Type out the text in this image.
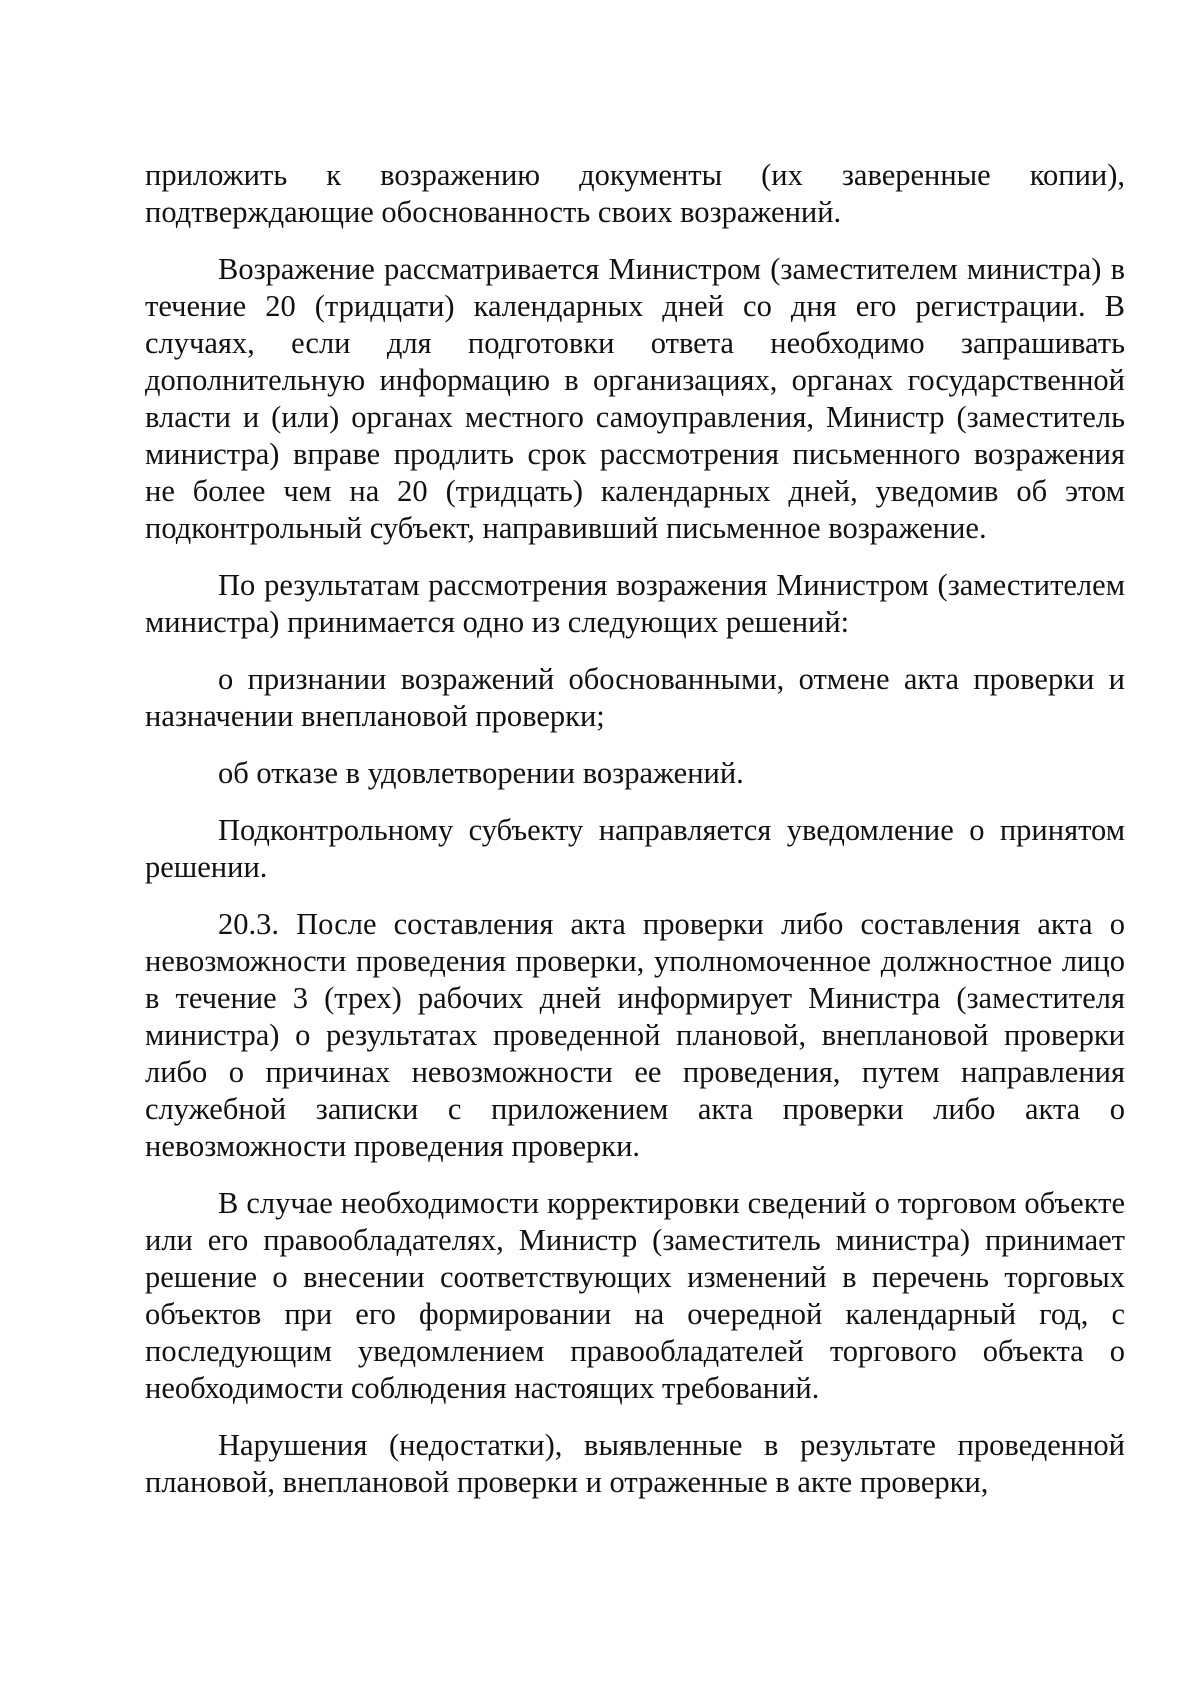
приложить к возражению документы (их заверенные копии), подтверждающие обоснованность своих возражений.

Возражение рассматривается Министром (заместителем министра) в течение 20 (тридцати) календарных дней со дня его регистрации. В случаях, если для подготовки ответа необходимо запрашивать дополнительную информацию в организациях, органах государственной власти и (или) органах местного самоуправления, Министр (заместитель министра) вправе продлить срок рассмотрения письменного возражения не более чем на 20 (тридцать) календарных дней, уведомив об этом подконтрольный субъект, направивший письменное возражение.

По результатам рассмотрения возражения Министром (заместителем министра) принимается одно из следующих решений:

о признании возражений обоснованными, отмене акта проверки и назначении внеплановой проверки;

об отказе в удовлетворении возражений.

Подконтрольному субъекту направляется уведомление о принятом решении.

20.3. После составления акта проверки либо составления акта о невозможности проведения проверки, уполномоченное должностное лицо в течение 3 (трех) рабочих дней информирует Министра (заместителя министра) о результатах проведенной плановой, внеплановой проверки либо о причинах невозможности ее проведения, путем направления служебной записки с приложением акта проверки либо акта о невозможности проведения проверки.

В случае необходимости корректировки сведений о торговом объекте или его правообладателях, Министр (заместитель министра) принимает решение о внесении соответствующих изменений в перечень торговых объектов при его формировании на очередной календарный год, с последующим уведомлением правообладателей торгового объекта о необходимости соблюдения настоящих требований.

Нарушения (недостатки), выявленные в результате проведенной плановой, внеплановой проверки и отраженные в акте проверки,
